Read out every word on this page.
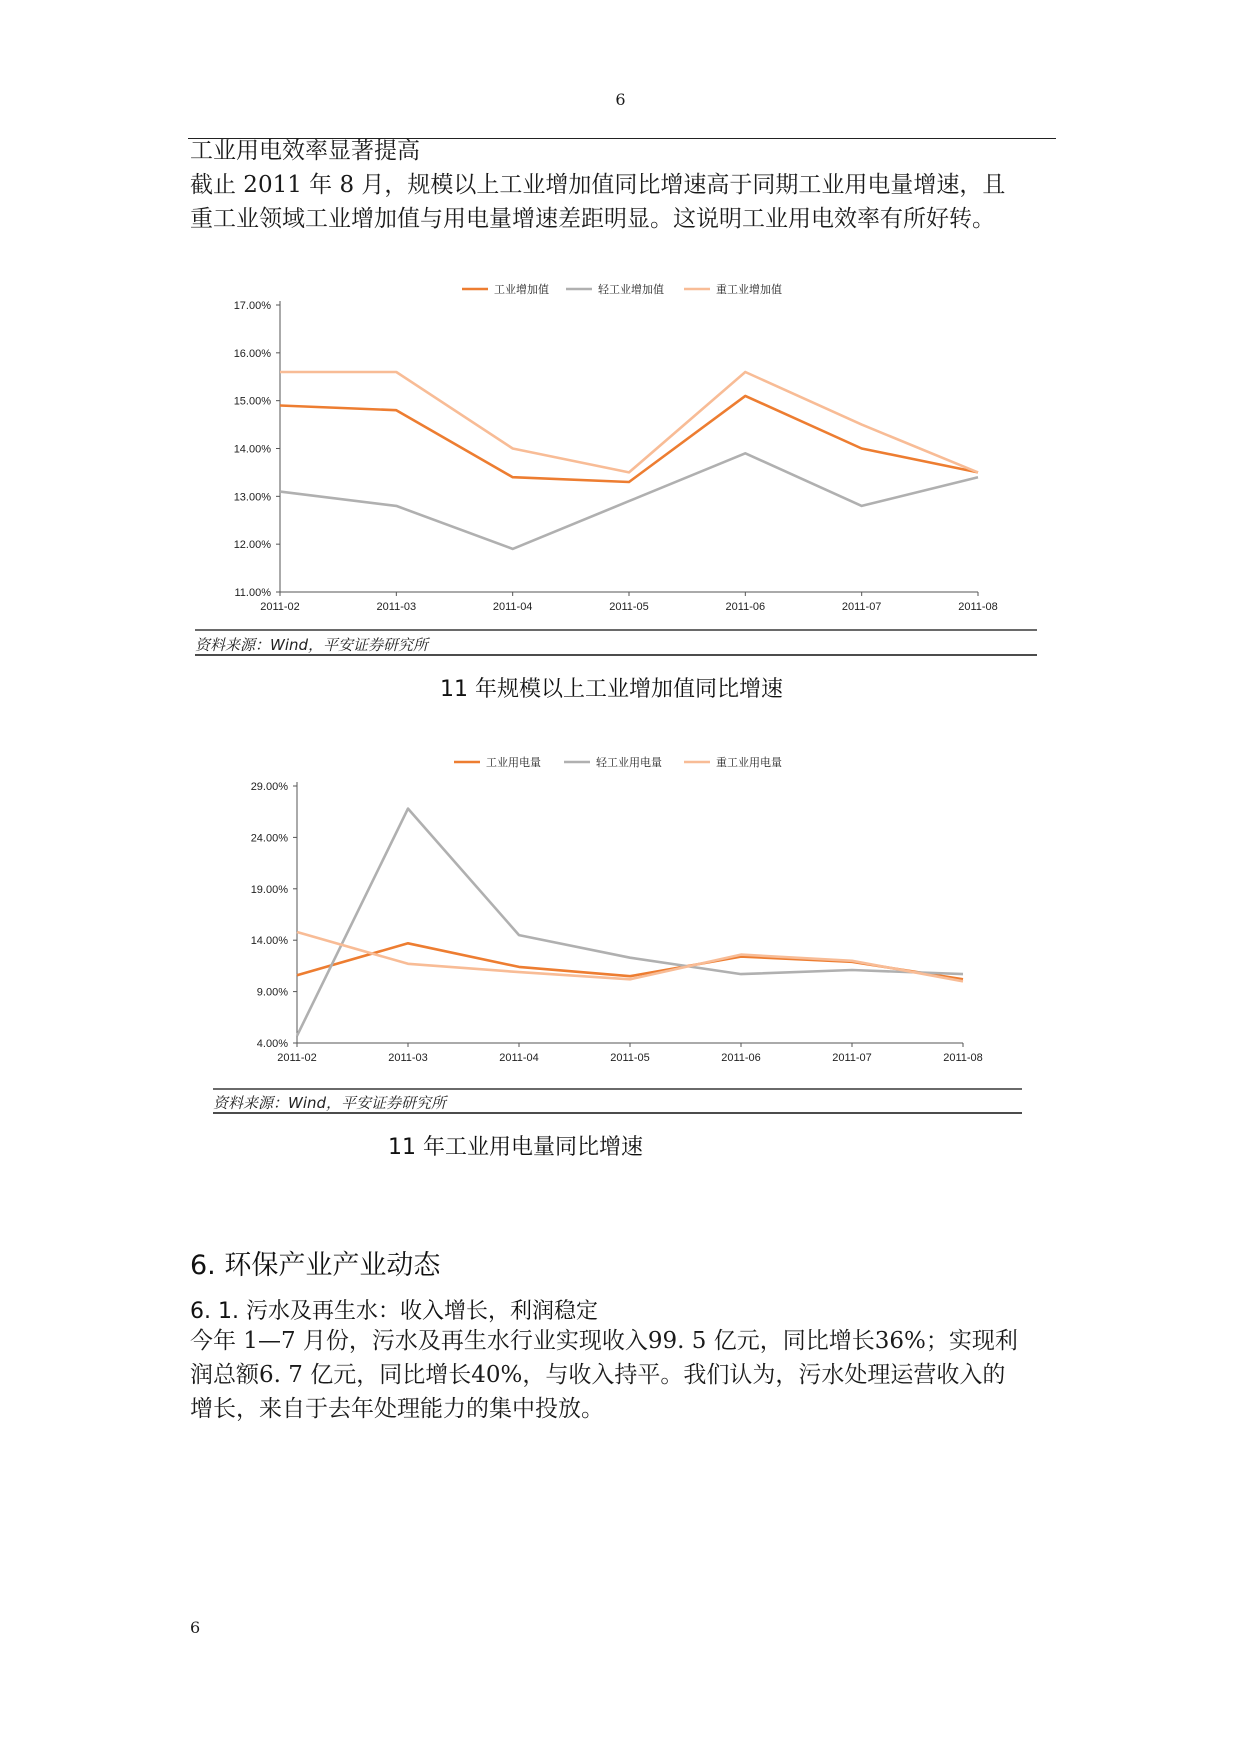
6
工业用电效率显著提高
截止 2011 年 8 月，规模以上工业增加值同比增速高于同期工业用电量增速，且
重工业领域工业增加值与用电量增速差距明显。这说明工业用电效率有所好转。
11.00%
12.00%
13.00%
14.00%
15.00%
16.00%
17.00%
2011-02	2011-03	2011-04	2011-05	2011-06	2011-07	2011-08
工业增加值	轻工业增加值	重工业增加值
资料来源：Wind，平安证券研究所
11 年规模以上工业增加值同比增速
4.00%
9.00%
14.00%
19.00%
24.00%
29.00%
2011-02	2011-03	2011-04	2011-05	2011-06	2011-07	2011-08
工业用电量	轻工业用电量	重工业用电量
资料来源：Wind，平安证券研究所
11 年工业用电量同比增速
6. 环保产业产业动态
6. 1. 污水及再生水：收入增长，利润稳定
今年 1—7 月份，污水及再生水行业实现收入99. 5 亿元，同比增长36%；实现利
润总额6. 7 亿元，同比增长40%，与收入持平。我们认为，污水处理运营收入的
增长，来自于去年处理能力的集中投放。
6
